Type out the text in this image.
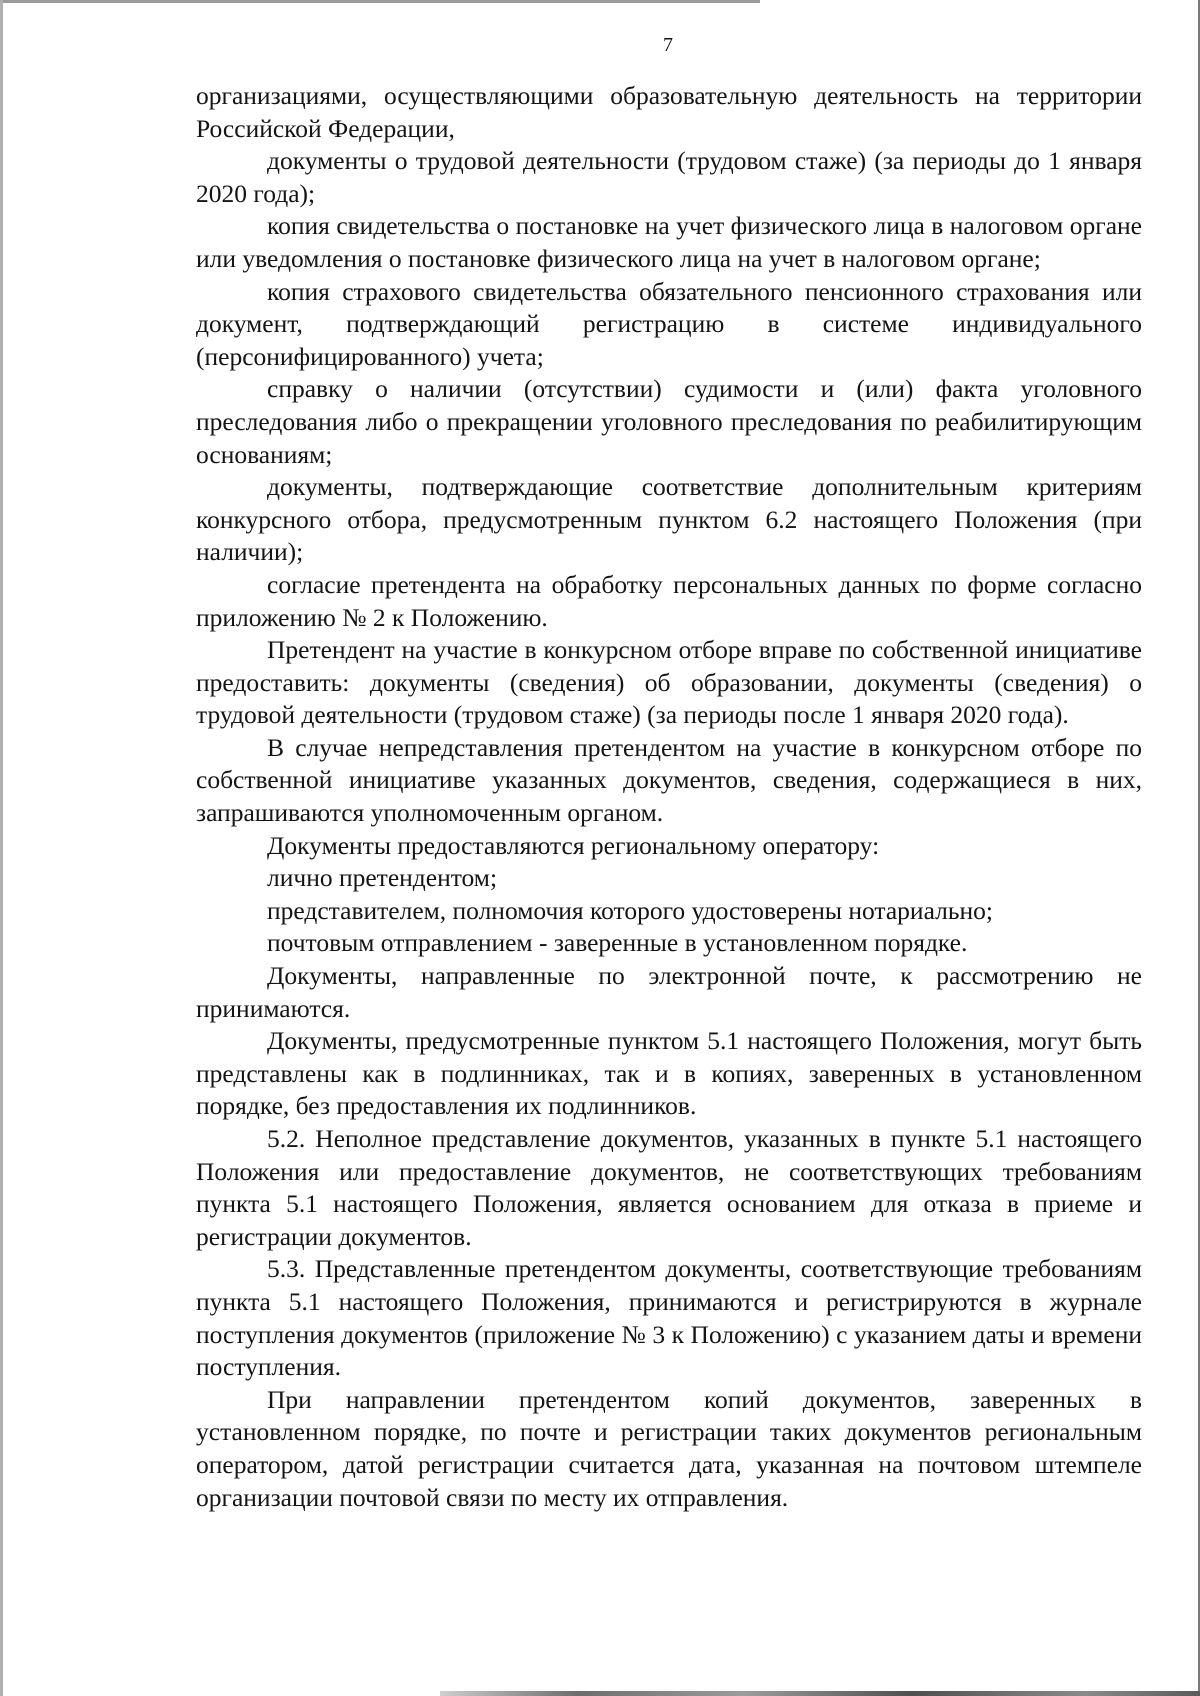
7

организациями, осуществляющими образовательную деятельность на территории Российской Федерации,

документы о трудовой деятельности (трудовом стаже) (за периоды до 1 января 2020 года);

копия свидетельства о постановке на учет физического лица в налоговом органе или уведомления о постановке физического лица на учет в налоговом органе;

копия страхового свидетельства обязательного пенсионного страхования или документ, подтверждающий регистрацию в системе индивидуального (персонифицированного) учета;

справку о наличии (отсутствии) судимости и (или) факта уголовного преследования либо о прекращении уголовного преследования по реабилитирующим основаниям;

документы, подтверждающие соответствие дополнительным критериям конкурсного отбора, предусмотренным пунктом 6.2 настоящего Положения (при наличии);

согласие претендента на обработку персональных данных по форме согласно приложению № 2 к Положению.

Претендент на участие в конкурсном отборе вправе по собственной инициативе предоставить: документы (сведения) об образовании, документы (сведения) о трудовой деятельности (трудовом стаже) (за периоды после 1 января 2020 года).

В случае непредставления претендентом на участие в конкурсном отборе по собственной инициативе указанных документов, сведения, содержащиеся в них, запрашиваются уполномоченным органом.

Документы предоставляются региональному оператору:

лично претендентом;

представителем, полномочия которого удостоверены нотариально;

почтовым отправлением - заверенные в установленном порядке.

Документы, направленные по электронной почте, к рассмотрению не принимаются.

Документы, предусмотренные пунктом 5.1 настоящего Положения, могут быть представлены как в подлинниках, так и в копиях, заверенных в установленном порядке, без предоставления их подлинников.

5.2. Неполное представление документов, указанных в пункте 5.1 настоящего Положения или предоставление документов, не соответствующих требованиям пункта 5.1 настоящего Положения, является основанием для отказа в приеме и регистрации документов.

5.3. Представленные претендентом документы, соответствующие требованиям пункта 5.1 настоящего Положения, принимаются и регистрируются в журнале поступления документов (приложение № 3 к Положению) с указанием даты и времени поступления.

При направлении претендентом копий документов, заверенных в установленном порядке, по почте и регистрации таких документов региональным оператором, датой регистрации считается дата, указанная на почтовом штемпеле организации почтовой связи по месту их отправления.
